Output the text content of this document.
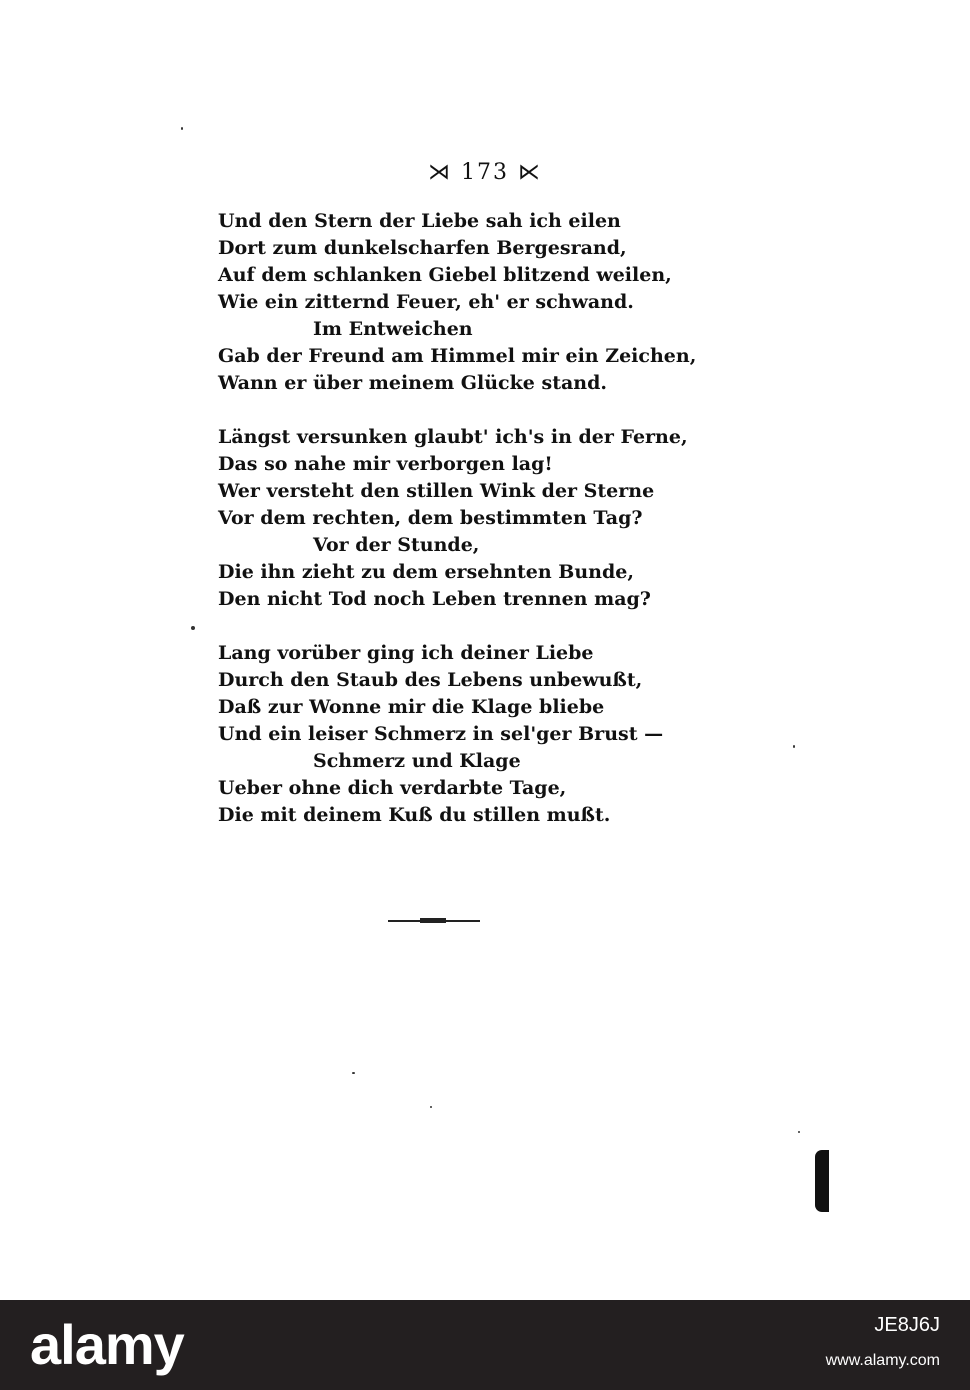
⋊ 173 ⋉
Und den Stern der Liebe sah ich eilen
Dort zum dunkelscharfen Bergesrand,
Auf dem schlanken Giebel blitzend weilen,
Wie ein zitternd Feuer, eh' er schwand.
Im Entweichen
Gab der Freund am Himmel mir ein Zeichen,
Wann er über meinem Glücke stand.
Längst versunken glaubt' ich's in der Ferne,
Das so nahe mir verborgen lag!
Wer versteht den stillen Wink der Sterne
Vor dem rechten, dem bestimmten Tag?
Vor der Stunde,
Die ihn zieht zu dem ersehnten Bunde,
Den nicht Tod noch Leben trennen mag?
Lang vorüber ging ich deiner Liebe
Durch den Staub des Lebens unbewußt,
Daß zur Wonne mir die Klage bliebe
Und ein leiser Schmerz in sel'ger Brust —
Schmerz und Klage
Ueber ohne dich verdarbte Tage,
Die mit deinem Kuß du stillen mußt.
alamy	JE8J6J
www.alamy.com
